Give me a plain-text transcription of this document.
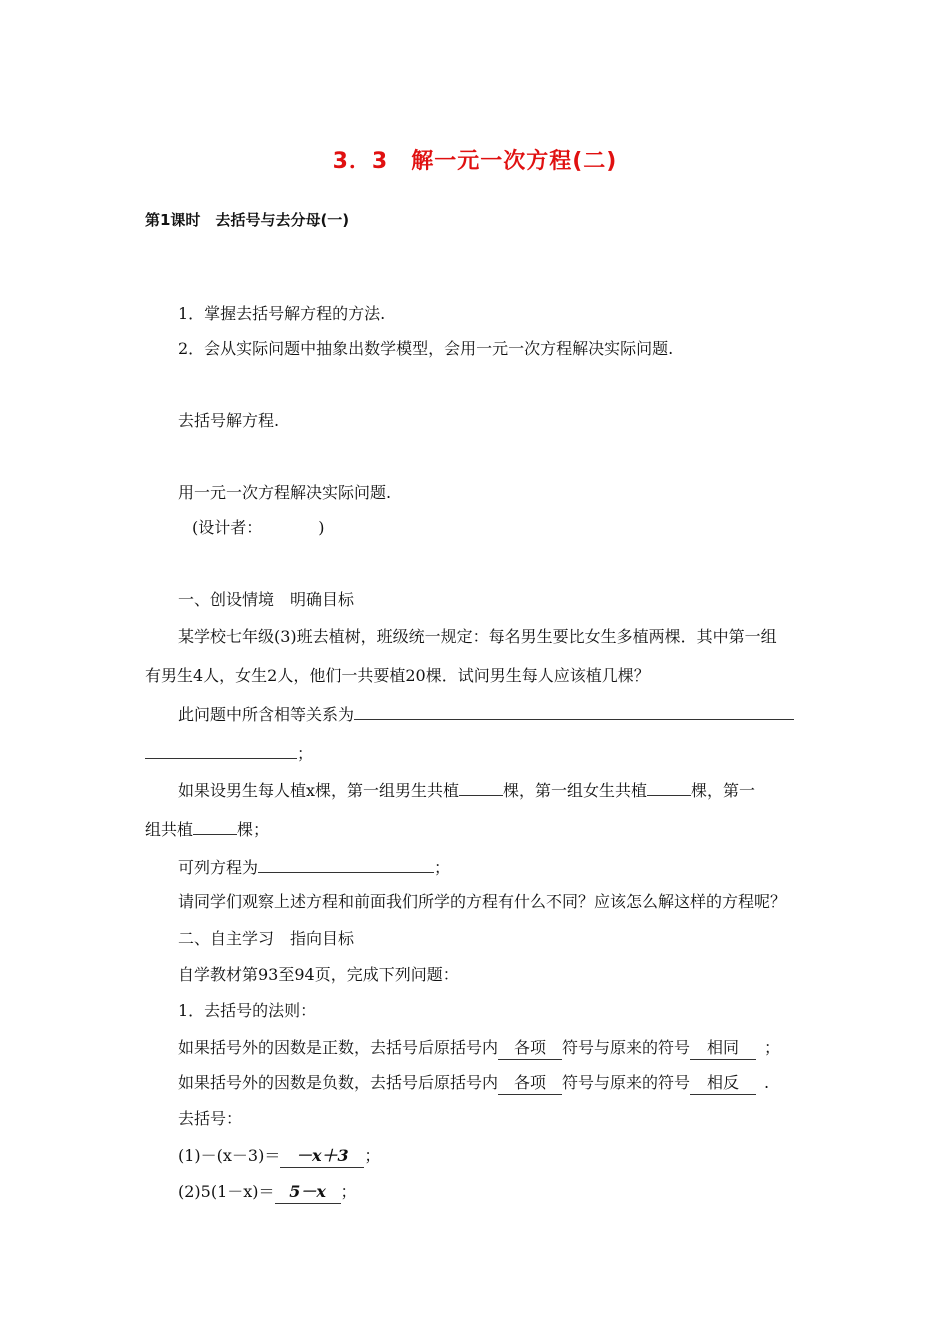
3．3　解一元一次方程(二)
第1课时　去括号与去分母(一)
1．掌握去括号解方程的方法.
2．会从实际问题中抽象出数学模型，会用一元一次方程解决实际问题.
去括号解方程.
用一元一次方程解决实际问题.
(设计者：　　　　)
一、创设情境　明确目标
某学校七年级(3)班去植树，班级统一规定：每名男生要比女生多植两棵．其中第一组
有男生4人，女生2人，他们一共要植20棵．试问男生每人应该植几棵？
此问题中所含相等关系为
；
如果设男生每人植x棵，第一组男生共植	棵，第一组女生共植	棵，第一
组共植	棵；
可列方程为	；
请同学们观察上述方程和前面我们所学的方程有什么不同？应该怎么解这样的方程呢？
二、自主学习　指向目标
自学教材第93至94页，完成下列问题：
1．去括号的法则：
如果括号外的因数是正数，去括号后原括号内 各项 符号与原来的符号 相同 ；
如果括号外的因数是负数，去括号后原括号内 各项 符号与原来的符号 相反 .
去括号：
(1)－(x－3)＝ －x＋3 ；
(2)5(1－x)＝ 5－x ；
